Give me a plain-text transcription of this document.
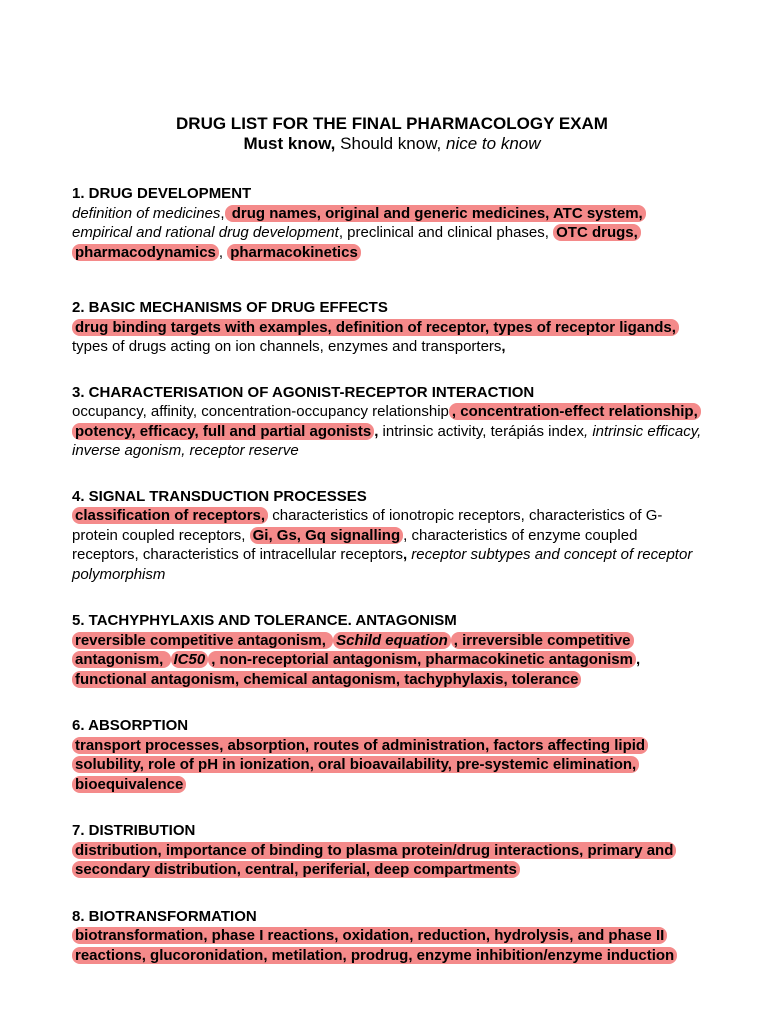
DRUG LIST FOR THE FINAL PHARMACOLOGY EXAM

Must know, Should know, nice to know

1. DRUG DEVELOPMENT

definition of medicines, drug names, original and generic medicines, ATC system, empirical and rational drug development, preclinical and clinical phases, OTC drugs, pharmacodynamics , pharmacokinetics

2. BASIC MECHANISMS OF DRUG EFFECTS

drug binding targets with examples, definition of receptor, types of receptor ligands, types of drugs acting on ion channels, enzymes and transporters,

3. CHARACTERISATION OF AGONIST-RECEPTOR INTERACTION

occupancy, affinity, concentration-occupancy relationship , concentration-effect relationship, potency, efficacy, full and partial agonists , intrinsic activity, terápiás index, intrinsic efficacy, inverse agonism, receptor reserve

4. SIGNAL TRANSDUCTION PROCESSES

classification of receptors, characteristics of ionotropic receptors, characteristics of G-protein coupled receptors, Gi, Gs, Gq signalling , characteristics of enzyme coupled receptors, characteristics of intracellular receptors, receptor subtypes and concept of receptor polymorphism

5. TACHYPHYLAXIS AND TOLERANCE. ANTAGONISM

reversible competitive antagonism, Schild equation , irreversible competitive antagonism, IC50 , non-receptorial antagonism, pharmacokinetic antagonism , functional antagonism, chemical antagonism, tachyphylaxis, tolerance

6. ABSORPTION

transport processes, absorption, routes of administration, factors affecting lipid solubility, role of pH in ionization, oral bioavailability, pre-systemic elimination, bioequivalence

7. DISTRIBUTION

distribution, importance of binding to plasma protein/drug interactions, primary and secondary distribution, central, periferial, deep compartments

8. BIOTRANSFORMATION

biotransformation, phase I reactions, oxidation, reduction, hydrolysis, and phase II reactions, glucoronidation, metilation, prodrug, enzyme inhibition/enzyme induction
